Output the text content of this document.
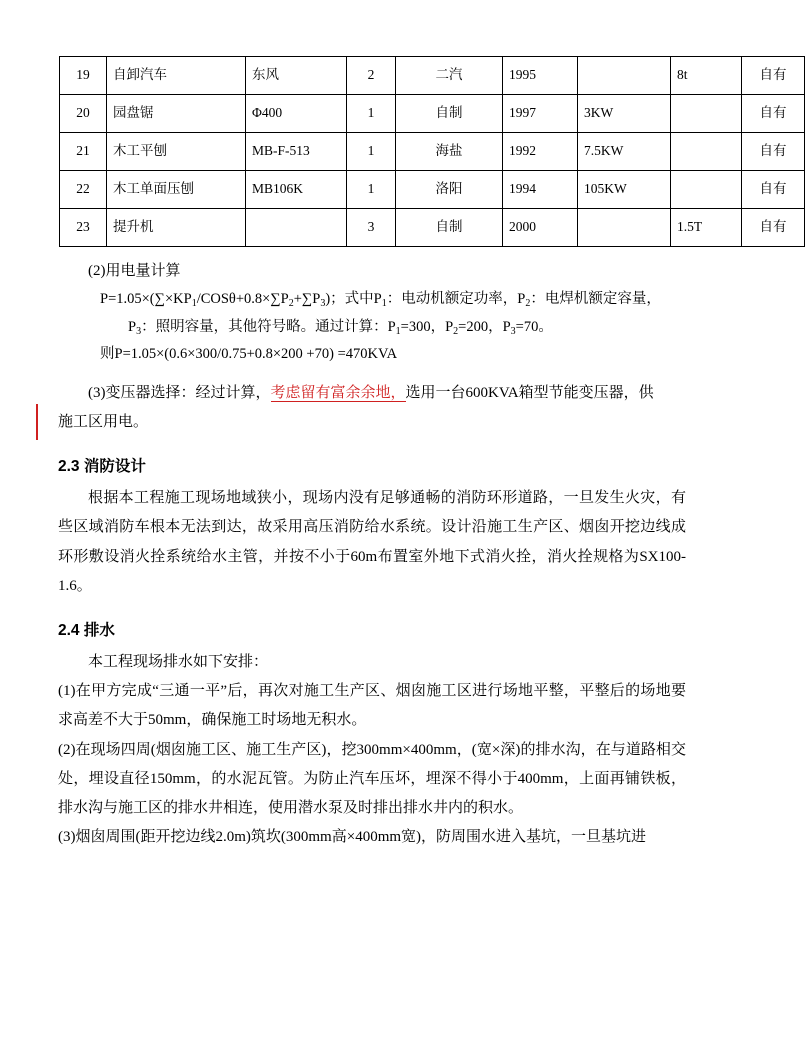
19	自卸汽车	东风	2	二汽	1995		8t	自有
20	园盘锯	Φ400	1	自制	1997	3KW		自有
21	木工平刨	MB-F-513	1	海盐	1992	7.5KW		自有
22	木工单面压刨	MB106K	1	洛阳	1994	105KW		自有
23	提升机		3	自制	2000		1.5T	自有

(2)用电量计算

$P=1.05\times(\sum\times KP_1/COS\theta+0.8\times\sum P_2+\sum P_3)$；式中$P_1$：电动机额定功率，$P_2$：电焊机额定容量，

$P_3$：照明容量，其他符号略。通过计算：$P_1=300$，$P_2=200$，$P_3=70$。

则P=1.05×(0.6×300/0.75+0.8×200 +70) =470KVA

(3)变压器选择：经过计算，考虑留有富余余地，选用一台600KVA箱型节能变压器，供

施工区用电。

2.3 消防设计

根据本工程施工现场地域狭小，现场内没有足够通畅的消防环形道路，一旦发生火灾，有些区域消防车根本无法到达，故采用高压消防给水系统。设计沿施工生产区、烟囱开挖边线成环形敷设消火拴系统给水主管，并按不小于60m布置室外地下式消火拴，消火拴规格为SX100-1.6。

2.4 排水

本工程现场排水如下安排：

(1)在甲方完成“三通一平”后，再次对施工生产区、烟囱施工区进行场地平整，平整后的场地要求高差不大于50mm，确保施工时场地无积水。

(2)在现场四周(烟囱施工区、施工生产区)，挖300mm×400mm，(宽×深)的排水沟，在与道路相交处，埋设直径150mm，的水泥瓦管。为防止汽车压坏，埋深不得小于400mm，上面再铺铁板，排水沟与施工区的排水井相连，使用潜水泵及时排出排水井内的积水。

(3)烟囱周围(距开挖边线2.0m)筑坎(300mm高×400mm宽)，防周围水进入基坑，一旦基坑进
